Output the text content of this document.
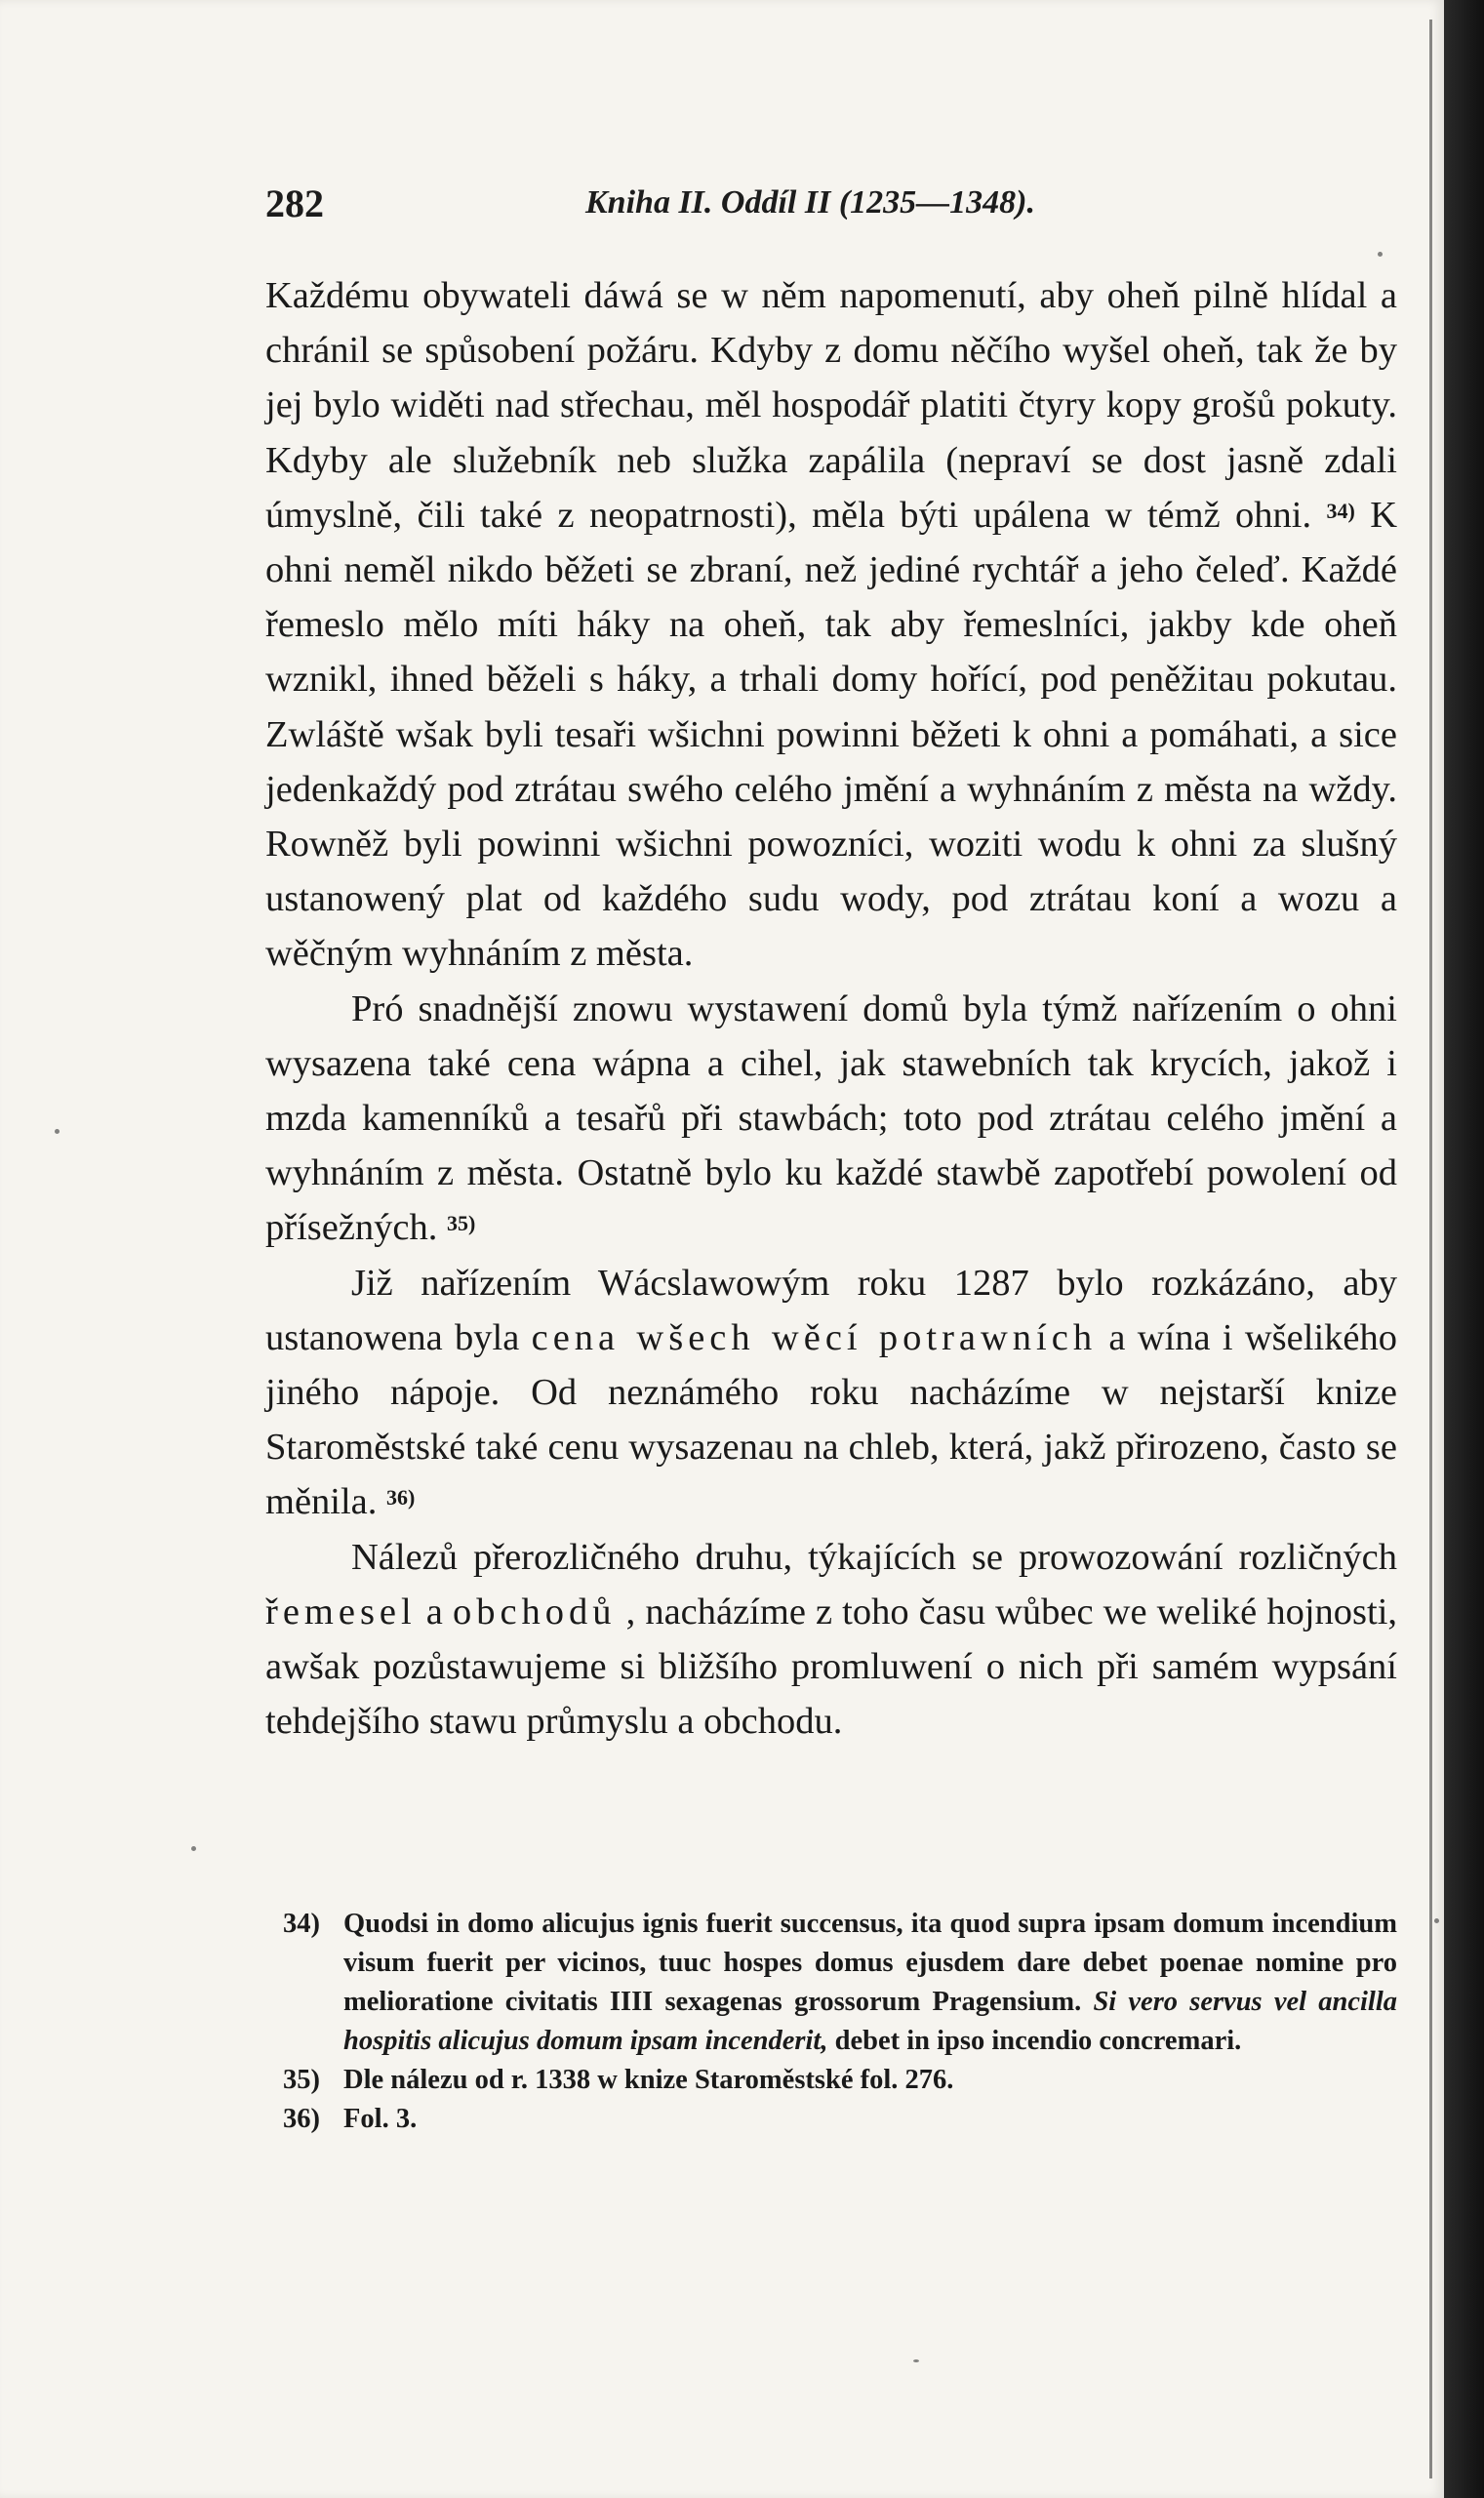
282	Kniha II. Oddíl II (1235—1348).

Každému obywateli dáwá se w něm napomenutí, aby oheň pilně hlídal a chránil se spůsobení požáru. Kdyby z domu něčího wyšel oheň, tak že by jej bylo widěti nad střechau, měl hospodář platiti čtyry kopy grošů pokuty. Kdyby ale služebník neb služka zapálila (nepraví se dost jasně zdali úmyslně, čili také z neopatrnosti), měla býti upálena w témž ohni. $^{34)}$ K ohni neměl nikdo běžeti se zbraní, než jediné rychtář a jeho čeleď. Každé řemeslo mělo míti háky na oheň, tak aby řemeslníci, jakby kde oheň wznikl, ihned běželi s háky, a trhali domy hořící, pod peněžitau pokutau. Zwláště wšak byli tesaři wšichni powinni běžeti k ohni a pomáhati, a sice jedenkaždý pod ztrátau swého celého jmění a wyhnáním z města na wždy. Rowněž byli powinni wšichni powozníci, woziti wodu k ohni za slušný ustanowený plat od každého sudu wody, pod ztrátau koní a wozu a wěčným wyhnáním z města.

Pró snadnější znowu wystawení domů byla týmž nařízením o ohni wysazena také cena wápna a cihel, jak stawebních tak krycích, jakož i mzda kamenníků a tesařů při stawbách; toto pod ztrátau celého jmění a wyhnáním z města. Ostatně bylo ku každé stawbě zapotřebí powolení od přísežných. $^{35)}$

Již nařízením Wácslawowým roku 1287 bylo rozkázáno, aby ustanowena byla cena wšech wěcí potrawních a wína i wšelikého jiného nápoje. Od neznámého roku nacházíme w nejstarší knize Staroměstské také cenu wysazenau na chleb, která, jakž přirozeno, často se měnila. $^{36)}$

Nálezů přerozličného druhu, týkajících se prowozowání rozličných řemesel a obchodů , nacházíme z toho času wůbec we weliké hojnosti, awšak pozůstawujeme si bližšího promluwení o nich při samém wypsání tehdejšího stawu průmyslu a obchodu.

34) Quodsi in domo alicujus ignis fuerit succensus, ita quod supra ipsam domum incendium visum fuerit per vicinos, tuuc hospes domus ejusdem dare debet poenae nomine pro melioratione civitatis IIII sexagenas grossorum Pragensium. Si vero servus vel ancilla hospitis alicujus domum ipsam incenderit, debet in ipso incendio concremari.
35) Dle nálezu od r. 1338 w knize Staroměstské fol. 276.
36) Fol. 3.
